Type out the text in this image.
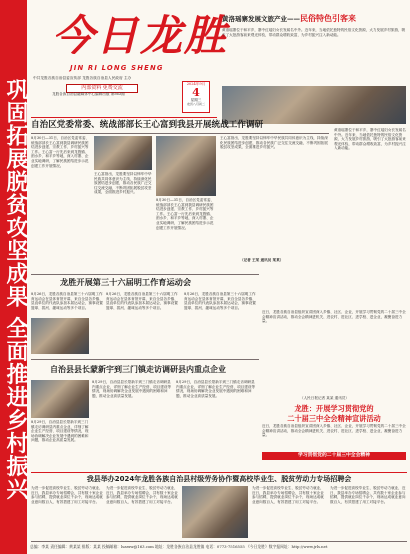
巩固拓展脱贫攻坚成果 全面推进乡村振兴
今日龙胜
JIN RI LONG SHENG
中共龙胜各族自治县委宣传部 龙胜各族自治县人民政府 主办
内部资料 免费交流
龙胜各族自治县融媒体中心编辑出版 第563期
2024年9月
4
星期三
农历八月初二
黄洛瑶寨发展文旅产业——民俗特色引客来
黄洛瑶寨位于和平乡，寨中红瑶妇女长发闻名中外。近年来，当地依托独特的民俗文化资源，大力发展乡村旅游，吸引了大批游客前来观光体验，带动群众增收致富，为乡村振兴注入新动能。
自治区党委常委、统战部部长王心富到我县开展统战工作调研
8月30日—31日，自治区党委常委、统战部部长王心富到我县调研民族团结进步创建、宗教工作、乡村振兴等工作。王心富一行先后来到龙胜镇、泗水乡、和平乡等地，深入村寨、企业实地调研，了解民族团结进步示范创建工作开展情况。
王心富指出，龙胜要坚持以铸牢中华民族共同体意识为主线，持续深化民族团结进步创建，推动各民族广泛交往交流交融，不断巩固拓展脱贫攻坚成果，全面推进乡村振兴。
8月30日—31日，自治区党委常委、统战部部长王心富到我县调研民族团结进步创建、宗教工作、乡村振兴等工作。王心富一行先后来到龙胜镇、泗水乡、和平乡等地，深入村寨、企业实地调研，了解民族团结进步示范创建工作开展情况。
王心富指出，龙胜要坚持以铸牢中华民族共同体意识为主线，持续深化民族团结进步创建，推动各民族广泛交往交流交融，不断巩固拓展脱贫攻坚成果，全面推进乡村振兴。
（记者 王某 通讯员 某某）
黄洛瑶寨位于和平乡，寨中红瑶妇女长发闻名中外。近年来，当地依托独特的民俗文化资源，大力发展乡村旅游，吸引了大批游客前来观光体验，带动群众增收致富，为乡村振兴注入新动能。
近日，龙胜各族自治县组织宣讲团深入乡镇、社区、企业，开展学习贯彻党的二十届三中全会精神宣讲活动，推动全会精神进机关、进农村、进社区、进学校、进企业，凝聚奋进力量。
（人民日报记者 某某 通讯员）
龙胜开展第三十六届明工作育运动会
8月26日，龙胜各族自治县第三十六届明工作育运动会在县体育馆开幕，来自全县各乡镇、县直单位的代表队参加本届运动会，赛事设置篮球、拔河、趣味运动等多个项目。
8月26日，龙胜各族自治县第三十六届明工作育运动会在县体育馆开幕，来自全县各乡镇、县直单位的代表队参加本届运动会，赛事设置篮球、拔河、趣味运动等多个项目。
8月26日，龙胜各族自治县第三十六届明工作育运动会在县体育馆开幕，来自全县各乡镇、县直单位的代表队参加本届运动会，赛事设置篮球、拔河、趣味运动等多个项目。
自治县县长蒙新宇到三门镇走访调研县内重点企业
8月29日，自治县县长蒙新宇到三门镇走访调研县内重点企业，详细了解企业生产经营、项目建设等情况，现场协调解决企业发展中遇到的困难和问题，推动企业高质量发展。
8月29日，自治县县长蒙新宇到三门镇走访调研县内重点企业，详细了解企业生产经营、项目建设等情况，现场协调解决企业发展中遇到的困难和问题，推动企业高质量发展。
8月29日，自治县县长蒙新宇到三门镇走访调研县内重点企业，详细了解企业生产经营、项目建设等情况，现场协调解决企业发展中遇到的困难和问题，推动企业高质量发展。
龙胜：开展学习贯彻党的
二十届三中全会精神宣讲活动
近日，龙胜各族自治县组织宣讲团深入乡镇、社区、企业，开展学习贯彻党的二十届三中全会精神宣讲活动，推动全会精神进机关、进农村、进社区、进学校、进企业，凝聚奋进力量。
学习贯彻党的二十届三中全会精神
我县举办2024年龙胜各族自治县村级劳务协作暨高校毕业生、脱贫劳动力专场招聘会
为进一步促进高校毕业生、脱贫劳动力就业，近日，我县举办专场招聘会，共有数十家企业参与招聘，提供就业岗位千余个，现场达成就业意向数百人，有效搭建了用工对接平台。
为进一步促进高校毕业生、脱贫劳动力就业，近日，我县举办专场招聘会，共有数十家企业参与招聘，提供就业岗位千余个，现场达成就业意向数百人，有效搭建了用工对接平台。
为进一步促进高校毕业生、脱贫劳动力就业，近日，我县举办专场招聘会，共有数十家企业参与招聘，提供就业岗位千余个，现场达成就业意向数百人，有效搭建了用工对接平台。
为进一步促进高校毕业生、脱贫劳动力就业，近日，我县举办专场招聘会，共有数十家企业参与招聘，提供就业岗位千余个，现场达成就业意向数百人，有效搭建了用工对接平台。
总编：李某 责任编辑：黄某某 排版：某某 投稿邮箱：lszzxw@163.com 地址：龙胜各族自治县龙胜镇 电话：0773-7516555 《今日龙胜》数字报网址：http://www.jrls.net
